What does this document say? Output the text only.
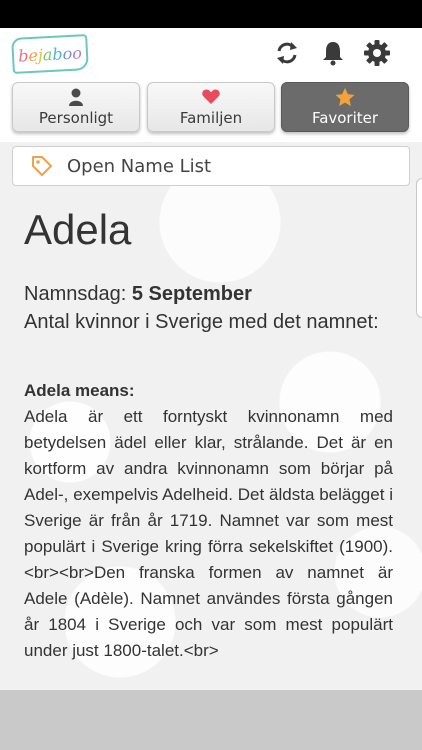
b e j a b o o
Personligt	Familjen	Favoriter
Open Name List
Adela
Namnsdag: 5 September
Antal kvinnor i Sverige med det namnet:
Adela means:
Adela är ett forntyskt kvinnonamn med betydelsen ädel eller klar, strålande. Det är en kortform av andra kvinnonamn som börjar på Adel-, exempelvis Adelheid. Det äldsta belägget i Sverige är från år 1719. Namnet var som mest populärt i Sverige kring förra sekelskiftet (1900).<br><br>Den franska formen av namnet är Adele (Adèle). Namnet användes första gången år 1804 i Sverige och var som mest populärt under just 1800-talet.<br>
